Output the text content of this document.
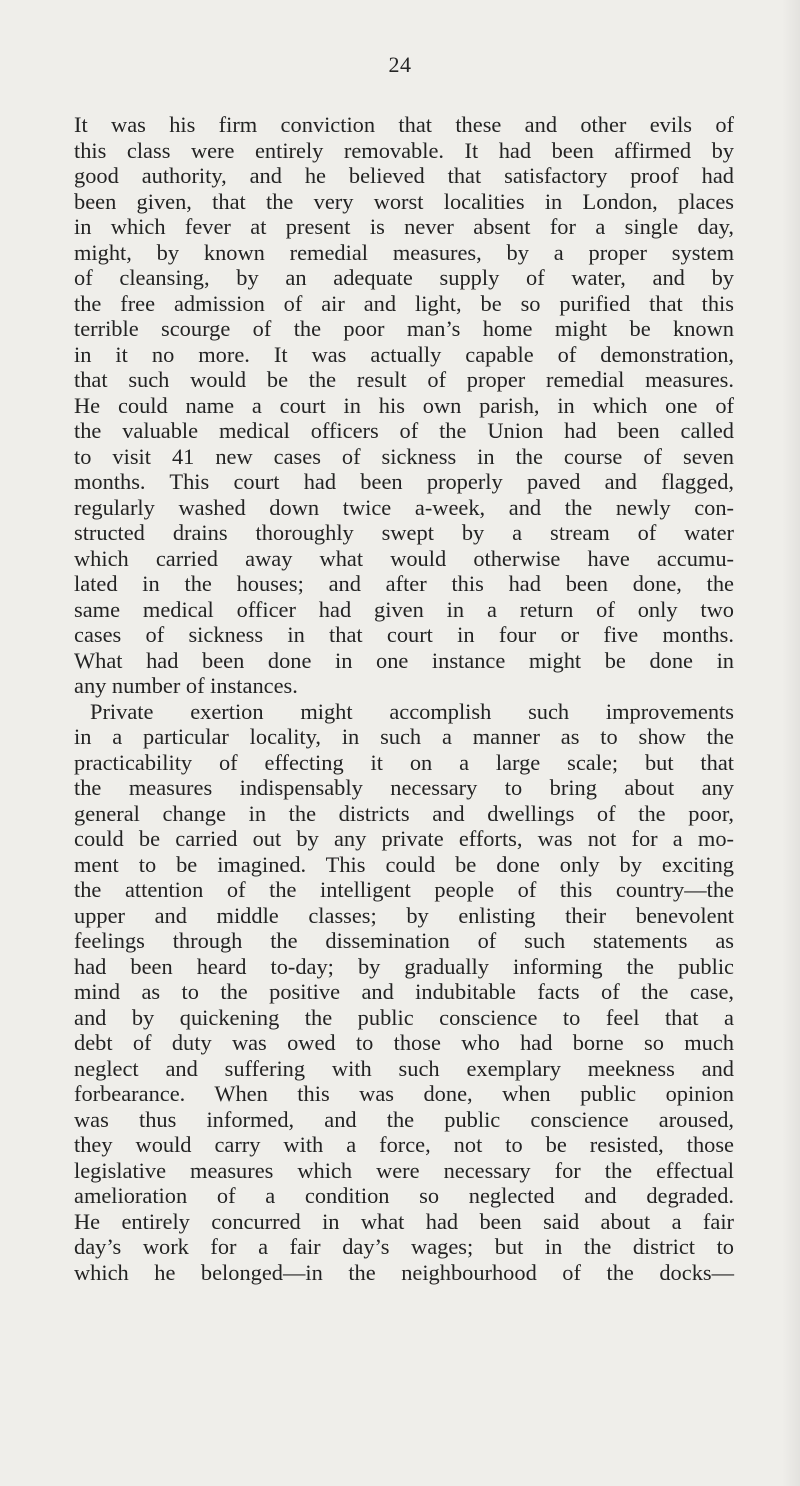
24
It was his firm conviction that these and other evils of
this class were entirely removable. It had been affirmed by
good authority, and he believed that satisfactory proof had
been given, that the very worst localities in London, places
in which fever at present is never absent for a single day,
might, by known remedial measures, by a proper system
of cleansing, by an adequate supply of water, and by
the free admission of air and light, be so purified that this
terrible scourge of the poor man’s home might be known
in it no more. It was actually capable of demonstration,
that such would be the result of proper remedial measures.
He could name a court in his own parish, in which one of
the valuable medical officers of the Union had been called
to visit 41 new cases of sickness in the course of seven
months. This court had been properly paved and flagged,
regularly washed down twice a-week, and the newly con-
structed drains thoroughly swept by a stream of water
which carried away what would otherwise have accumu-
lated in the houses; and after this had been done, the
same medical officer had given in a return of only two
cases of sickness in that court in four or five months.
What had been done in one instance might be done in
any number of instances.
Private exertion might accomplish such improvements
in a particular locality, in such a manner as to show the
practicability of effecting it on a large scale; but that
the measures indispensably necessary to bring about any
general change in the districts and dwellings of the poor,
could be carried out by any private efforts, was not for a mo-
ment to be imagined. This could be done only by exciting
the attention of the intelligent people of this country—the
upper and middle classes; by enlisting their benevolent
feelings through the dissemination of such statements as
had been heard to-day; by gradually informing the public
mind as to the positive and indubitable facts of the case,
and by quickening the public conscience to feel that a
debt of duty was owed to those who had borne so much
neglect and suffering with such exemplary meekness and
forbearance. When this was done, when public opinion
was thus informed, and the public conscience aroused,
they would carry with a force, not to be resisted, those
legislative measures which were necessary for the effectual
amelioration of a condition so neglected and degraded.
He entirely concurred in what had been said about a fair
day’s work for a fair day’s wages; but in the district to
which he belonged—in the neighbourhood of the docks—
